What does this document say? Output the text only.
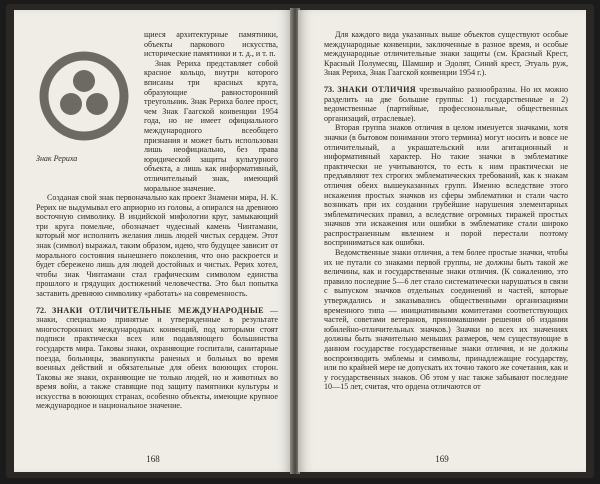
Знак Рериха

щиеся архитектурные памятники, объекты паркового искусства, исторические памятники и т. д., и т. п.

Знак Рериха представляет собой красное кольцо, внутри которого вписаны три красных круга, образующие равносторонний треугольник. Знак Рериха более прост, чем Знак Гаагской конвенции 1954 года, но не имеет официального международного всеобщего признания и может быть использован лишь неофициально, без права юридической защиты культурного объекта, а лишь как информативный, отличительный знак, имеющий моральное значение.

Созданая свой знак первоначально как проект Знамени мира, Н. К. Рерих не выдумывал его априорно из головы, а опирался на древнюю восточную символику. В индийской мифологии круг, замыкающий три круга помельче, обозначает чудесный камень Чинтамани, который мог исполнить желания лишь людей чистых сердцем. Этот знак (символ) выражал, таким образом, идею, что будущее зависит от морального состояния нынешнего поколения, что оно раскроется и будет сбережено лишь для людей достойных и чистых. Рерих хотел, чтобы знак Чинтамани стал графическим символом единства прошлого и грядущих достижений человечества. Это был попытка заставить древнюю символику «работать» на современность.

72. ЗНАКИ ОТЛИЧИТЕЛЬНЫЕ МЕЖДУНАРОДНЫЕ — знаки, специально принятые и утвержденные в результате многосторонних международных конвенций, под которыми стоят подписи практически всех или подавляющего большинства государств мира. Таковы знаки, охраняющие госпитали, санитарные поезда, больницы, эвакопункты раненых и больных во время военных действий и обязательные для обеих воюющих сторон. Таковы же знаки, охраняющие не только людей, но и животных во время войн, а также ставящие под защиту памятники культуры и искусства в воюющих странах, особенно объекты, имеющие крупное международное и национальное значение.

168

Для каждого вида указанных выше объектов существуют особые международные конвенции, заключенные в разное время, и особые международные отличительные знаки защиты (см. Красный Крест, Красный Полумесяц, Шамшир и Эдолят, Синий крест, Этуаль руж, Знак Рериха, Знак Гаагской конвенции 1954 г.).

73. ЗНАКИ ОТЛИЧИЯ чрезвычайно разнообразны. Но их можно разделить на две большие группы: 1) государственные и 2) ведомственные (партийные, профессиональные, общественных организаций, отраслевые).

Вторая группа знаков отличия в целом именуется значками, хотя значки (в бытовом понимании этого термина) могут носить и вовсе не отличительный, а украшательский или агитационный и информативный характер. Но такие значки в эмблематике практически не учитываются, то есть к ним практически не предъявляют тех строгих эмблематических требований, как к знакам отличия обеих вышеуказанных групп. Именно вследствие этого искажения простых значков из сферы эмблематики и стали часто возникать при их создании грубейшие нарушения элементарных эмблематических правил, а вследствие огромных тиражей простых значков эти искажения или ошибки в эмблематике стали широко распространенным явлением и порой перестали поэтому восприниматься как ошибки.

Ведомственные знаки отличия, а тем более простые значки, чтобы их не путали со знаками первой группы, не должны быть такой же величины, как и государственные знаки отличия. (К сожалению, это правило последние 5—6 лет стало систематически нарушаться в связи с выпуском значков отдельных соединений и частей, которые утверждались и заказывались общественными организациями временного типа — инициативными комитетами соответствующих частей, советами ветеранов, принимавшими решения об издании юбилейно-отличительных значков.) Значки во всех их значениях должны быть значительно меньших размеров, чем существующие в данном государстве государственные знаки отличия, и не должны воспроизводить эмблемы и символы, принадлежащие государству, или по крайней мере не допускать их точно такого же сочетания, как и у государственных знаков. Об этом у нас также забывают последние 10—15 лет, считая, что ордена отличаются от

169
